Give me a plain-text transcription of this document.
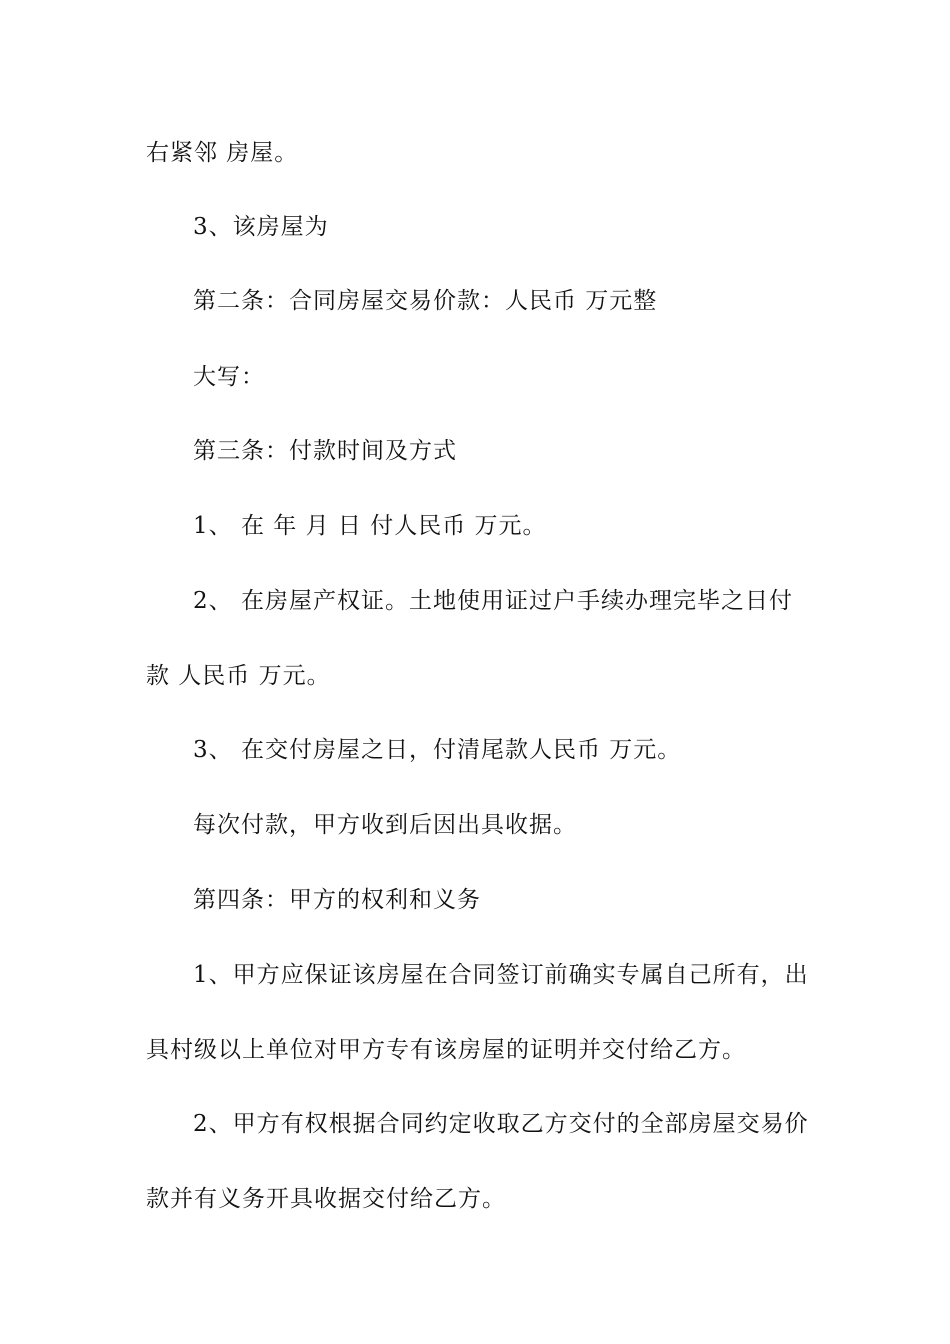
右紧邻 房屋。

3、该房屋为

第二条：合同房屋交易价款：人民币 万元整

大写：

第三条：付款时间及方式

1、 在 年 月 日 付人民币 万元。

2、 在房屋产权证。土地使用证过户手续办理完毕之日付

款 人民币 万元。

3、 在交付房屋之日，付清尾款人民币 万元。

每次付款，甲方收到后因出具收据。

第四条：甲方的权利和义务

1、甲方应保证该房屋在合同签订前确实专属自己所有，出

具村级以上单位对甲方专有该房屋的证明并交付给乙方。

2、甲方有权根据合同约定收取乙方交付的全部房屋交易价

款并有义务开具收据交付给乙方。
